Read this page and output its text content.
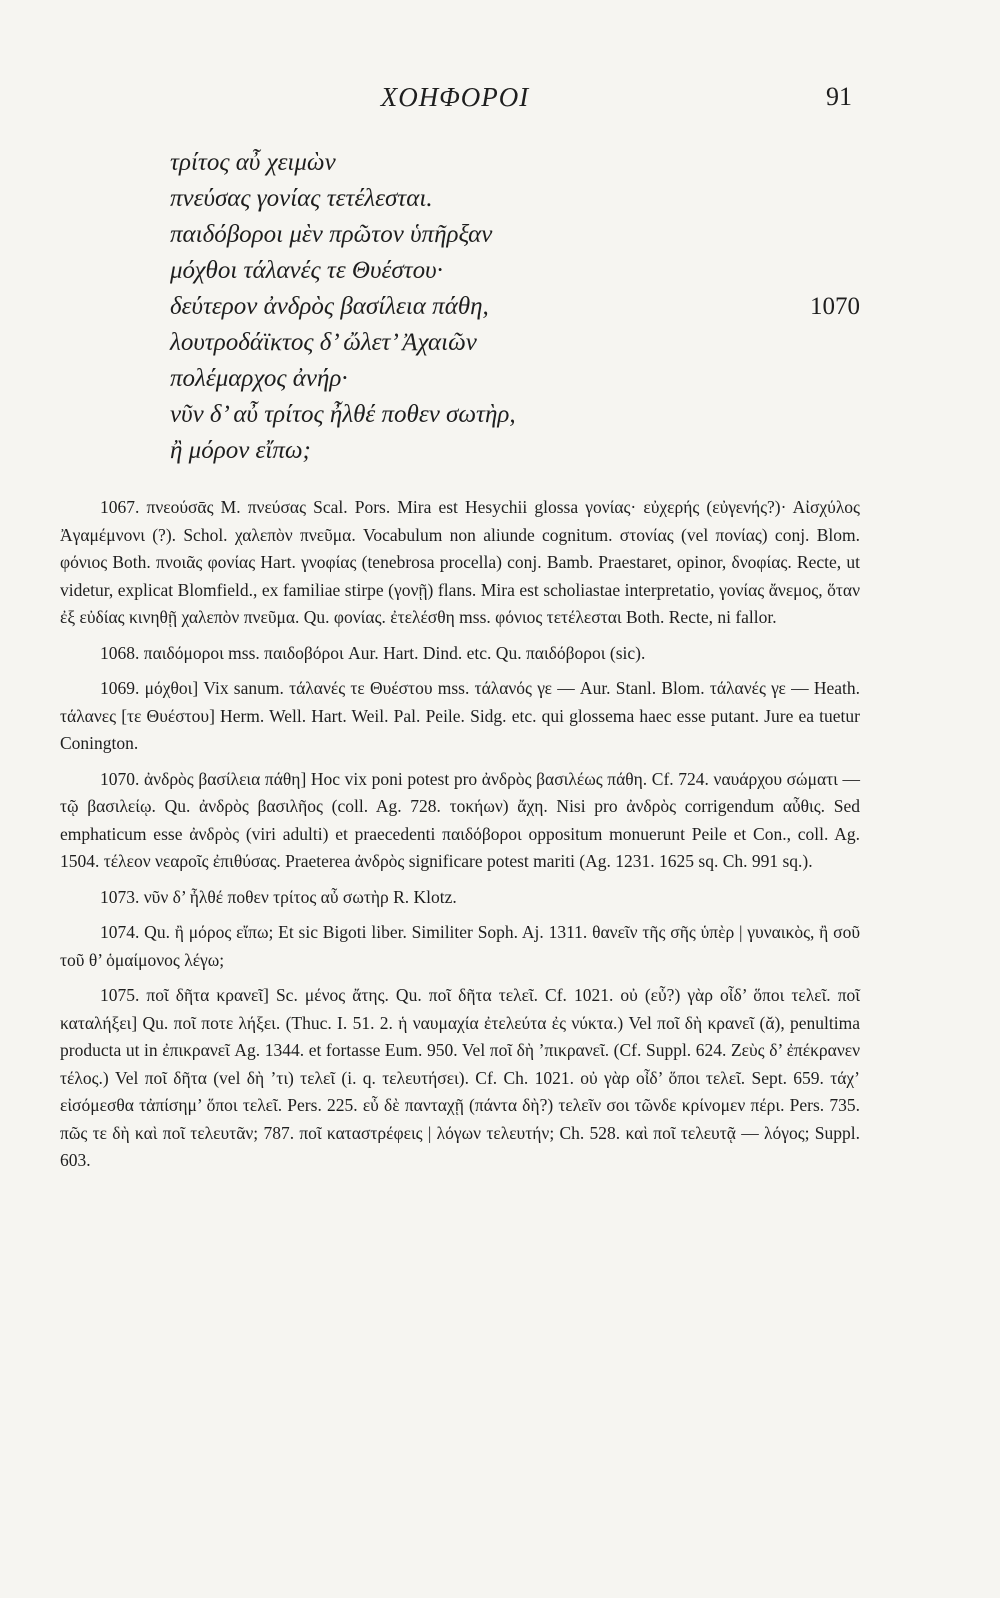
ΧΟΗΦΟΡΟΙ	91
τρίτος αὖ χειμὼν
πνεύσας γονίας τετέλεσται.
παιδόβοροι μὲν πρῶτον ὑπῆρξαν
μόχθοι τάλανές τε Θυέστου·
δεύτερον ἀνδρὸς βασίλεια πάθη,	1070
λουτροδάϊκτος δ’ ὤλετ’ Ἀχαιῶν
πολέμαρχος ἀνήρ·
νῦν δ’ αὖ τρίτος ἦλθέ ποθεν σωτὴρ,
ἢ μόρον εἴπω;

1067. πνεούσᾱς M. πνεύσας Scal. Pors. Mira est Hesychii glossa γονίας· εὐχερής (εὐγενής?)· Αἰσχύλος Ἀγαμέμνονι (?). Schol. χαλεπὸν πνεῦμα. Vocabulum non aliunde cognitum. στονίας (vel πονίας) conj. Blom. φόνιος Both. πνοιᾶς φονίας Hart. γνοφίας (tenebrosa procella) conj. Bamb. Praestaret, opinor, δνοφίας. Recte, ut videtur, explicat Blomfield., ex familiae stirpe (γονῇ) flans. Mira est scholiastae interpretatio, γονίας ἄνεμος, ὅταν ἐξ εὐδίας κινηθῇ χαλεπὸν πνεῦμα. Qu. φονίας. ἐτελέσθη mss. φόνιος τετέλεσται Both. Recte, ni fallor.

1068. παιδόμοροι mss. παιδοβόροι Aur. Hart. Dind. etc. Qu. παιδόβοροι (sic).

1069. μόχθοι] Vix sanum. τάλανές τε Θυέστου mss. τάλανός γε — Aur. Stanl. Blom. τάλανές γε — Heath. τάλανες [τε Θυέστου] Herm. Well. Hart. Weil. Pal. Peile. Sidg. etc. qui glossema haec esse putant. Jure ea tuetur Conington.

1070. ἀνδρὸς βασίλεια πάθη] Hoc vix poni potest pro ἀνδρὸς βασιλέως πάθη. Cf. 724. ναυάρχου σώματι — τῷ βασιλείῳ. Qu. ἀνδρὸς βασιλῆος (coll. Ag. 728. τοκήων) ἄχη. Nisi pro ἀνδρὸς corrigendum αὖθις. Sed emphaticum esse ἀνδρὸς (viri adulti) et praecedenti παιδόβοροι oppositum monuerunt Peile et Con., coll. Ag. 1504. τέλεον νεαροῖς ἐπιθύσας. Praeterea ἀνδρὸς significare potest mariti (Ag. 1231. 1625 sq. Ch. 991 sq.).

1073. νῦν δ’ ἦλθέ ποθεν τρίτος αὖ σωτὴρ R. Klotz.

1074. Qu. ἢ μόρος εἴπω; Et sic Bigoti liber. Similiter Soph. Aj. 1311. θανεῖν τῆς σῆς ὑπὲρ | γυναικὸς, ἢ σοῦ τοῦ θ’ ὁμαίμονος λέγω;

1075. ποῖ δῆτα κρανεῖ] Sc. μένος ἄτης. Qu. ποῖ δῆτα τελεῖ. Cf. 1021. οὐ (εὖ?) γὰρ οἶδ’ ὅποι τελεῖ. ποῖ καταλήξει] Qu. ποῖ ποτε λήξει. (Thuc. I. 51. 2. ἡ ναυμαχία ἐτελεύτα ἐς νύκτα.) Vel ποῖ δὴ κρανεῖ (ᾰ), penultima producta ut in ἐπικρανεῖ Ag. 1344. et fortasse Eum. 950. Vel ποῖ δὴ ’πικρανεῖ. (Cf. Suppl. 624. Ζεὺς δ’ ἐπέκρανεν τέλος.) Vel ποῖ δῆτα (vel δὴ ’τι) τελεῖ (i. q. τελευτήσει). Cf. Ch. 1021. οὐ γὰρ οἶδ’ ὅποι τελεῖ. Sept. 659. τάχ’ εἰσόμεσθα τἀπίσημ’ ὅποι τελεῖ. Pers. 225. εὖ δὲ πανταχῇ (πάντα δὴ?) τελεῖν σοι τῶνδε κρίνομεν πέρι. Pers. 735. πῶς τε δὴ καὶ ποῖ τελευτᾶν; 787. ποῖ καταστρέφεις | λόγων τελευτήν; Ch. 528. καὶ ποῖ τελευτᾷ — λόγος; Suppl. 603.
